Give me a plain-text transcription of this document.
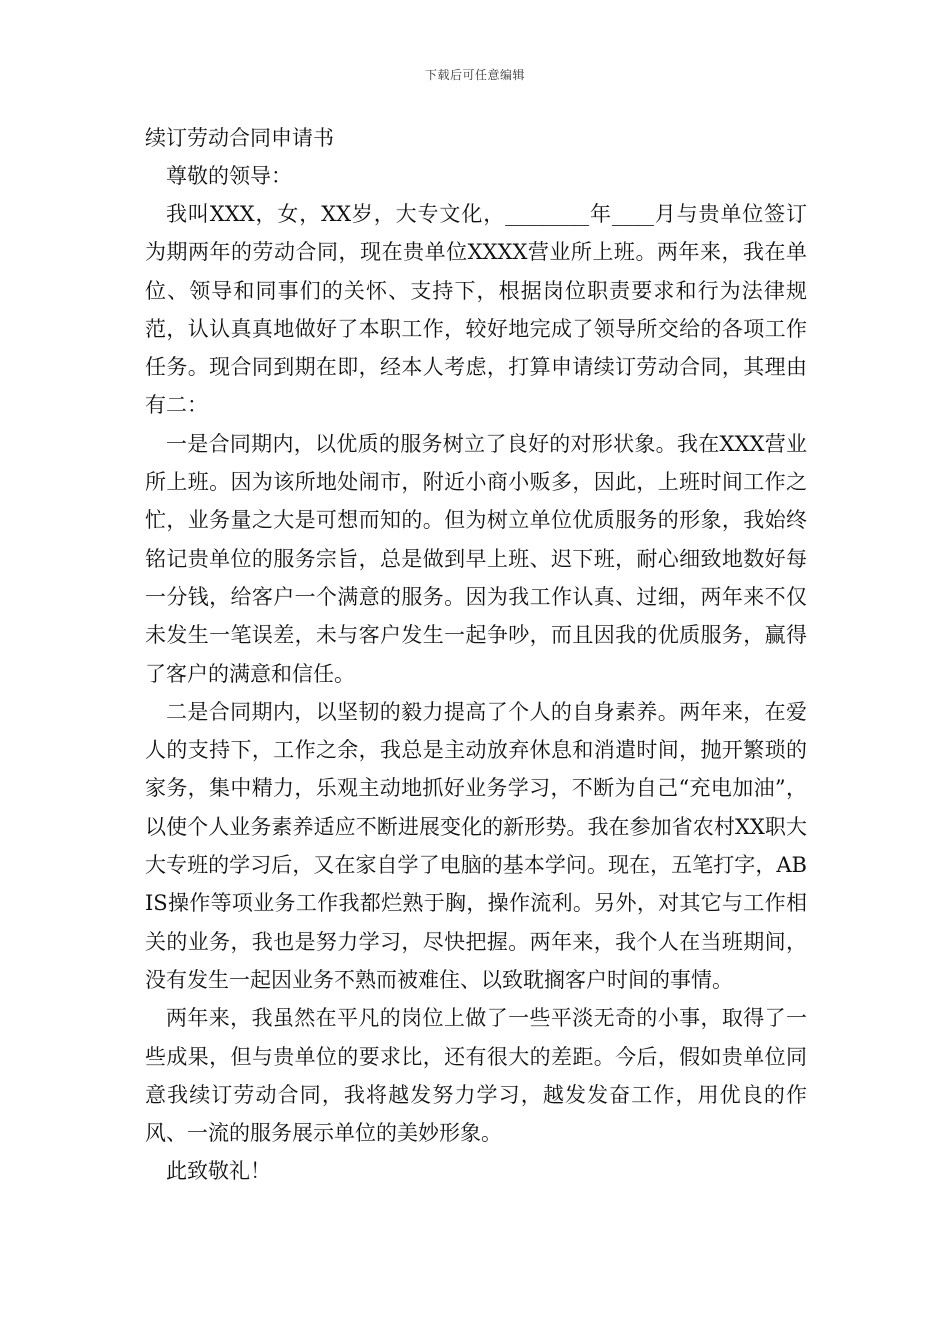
下载后可任意编辑

续订劳动合同申请书

尊敬的领导：

我叫XXX，女，XX岁，大专文化，________年____月与贵单位签订为期两年的劳动合同，现在贵单位XXXX营业所上班。两年来，我在单位、领导和同事们的关怀、支持下，根据岗位职责要求和行为法律规范，认认真真地做好了本职工作，较好地完成了领导所交给的各项工作任务。现合同到期在即，经本人考虑，打算申请续订劳动合同，其理由有二：

一是合同期内，以优质的服务树立了良好的对形状象。我在XXX营业所上班。因为该所地处闹市，附近小商小贩多，因此，上班时间工作之忙，业务量之大是可想而知的。但为树立单位优质服务的形象，我始终铭记贵单位的服务宗旨，总是做到早上班、迟下班，耐心细致地数好每一分钱，给客户一个满意的服务。因为我工作认真、过细，两年来不仅未发生一笔误差，未与客户发生一起争吵，而且因我的优质服务，赢得了客户的满意和信任。

二是合同期内，以坚韧的毅力提高了个人的自身素养。两年来，在爱人的支持下，工作之余，我总是主动放弃休息和消遣时间，抛开繁琐的家务，集中精力，乐观主动地抓好业务学习，不断为自己“充电加油”，以使个人业务素养适应不断进展变化的新形势。我在参加省农村XX职大大专班的学习后，又在家自学了电脑的基本学问。现在，五笔打字，ABIS操作等项业务工作我都烂熟于胸，操作流利。另外，对其它与工作相关的业务，我也是努力学习，尽快把握。两年来，我个人在当班期间，没有发生一起因业务不熟而被难住、以致耽搁客户时间的事情。

两年来，我虽然在平凡的岗位上做了一些平淡无奇的小事，取得了一些成果，但与贵单位的要求比，还有很大的差距。今后，假如贵单位同意我续订劳动合同，我将越发努力学习，越发发奋工作，用优良的作风、一流的服务展示单位的美妙形象。

此致敬礼！
